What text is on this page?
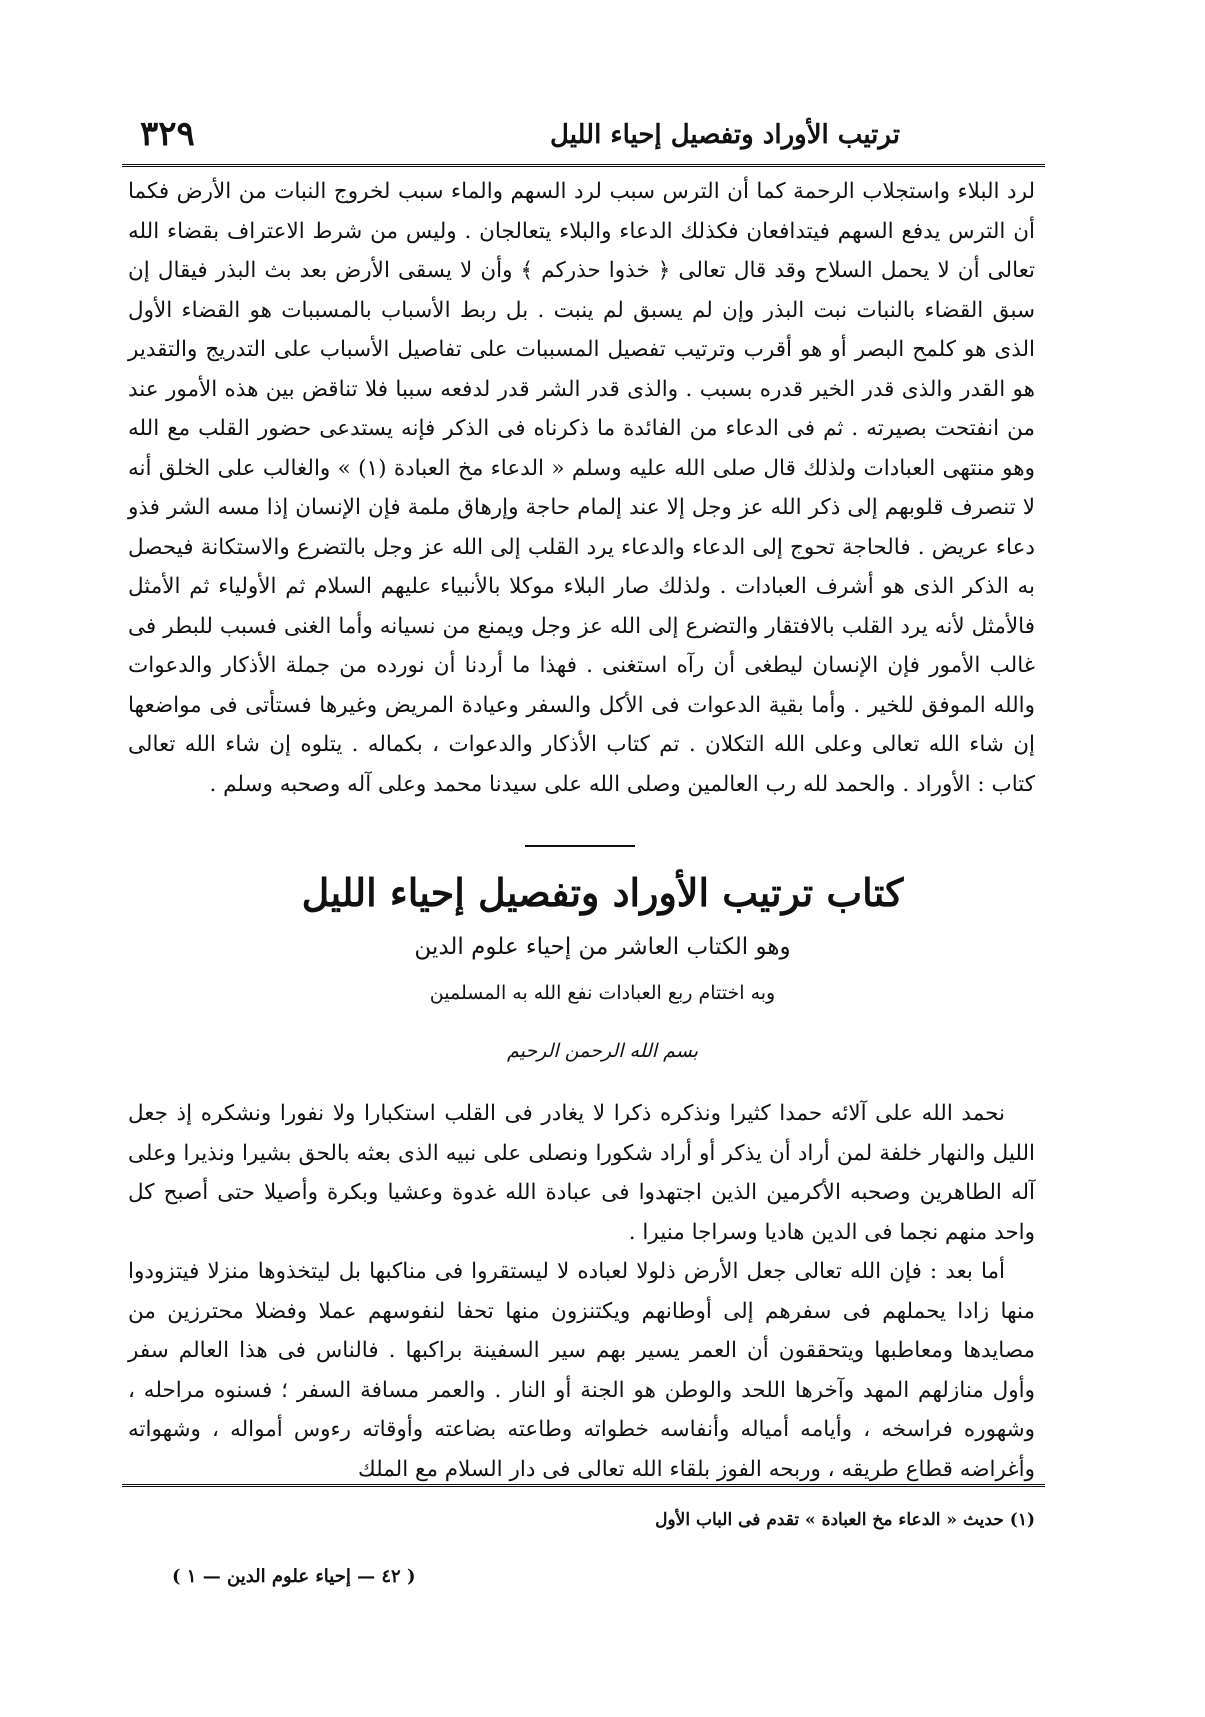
٣٢٩	ترتيب الأوراد وتفصيل إحياء الليل

لرد البلاء واستجلاب الرحمة كما أن الترس سبب لرد السهم والماء سبب لخروج النبات من الأرض فكما أن الترس يدفع السهم فيتدافعان فكذلك الدعاء والبلاء يتعالجان . وليس من شرط الاعتراف بقضاء الله تعالى أن لا يحمل السلاح وقد قال تعالى ﴿ خذوا حذركم ﴾ وأن لا يسقى الأرض بعد بث البذر فيقال إن سبق القضاء بالنبات نبت البذر وإن لم يسبق لم ينبت . بل ربط الأسباب بالمسببات هو القضاء الأول الذى هو كلمح البصر أو هو أقرب وترتيب تفصيل المسببات على تفاصيل الأسباب على التدريج والتقدير هو القدر والذى قدر الخير قدره بسبب . والذى قدر الشر قدر لدفعه سببا فلا تناقض بين هذه الأمور عند من انفتحت بصيرته . ثم فى الدعاء من الفائدة ما ذكرناه فى الذكر فإنه يستدعى حضور القلب مع الله وهو منتهى العبادات ولذلك قال صلى الله عليه وسلم « الدعاء مخ العبادة (١) » والغالب على الخلق أنه لا تنصرف قلوبهم إلى ذكر الله عز وجل إلا عند إلمام حاجة وإرهاق ملمة فإن الإنسان إذا مسه الشر فذو دعاء عريض . فالحاجة تحوج إلى الدعاء والدعاء يرد القلب إلى الله عز وجل بالتضرع والاستكانة فيحصل به الذكر الذى هو أشرف العبادات . ولذلك صار البلاء موكلا بالأنبياء عليهم السلام ثم الأولياء ثم الأمثل فالأمثل لأنه يرد القلب بالافتقار والتضرع إلى الله عز وجل ويمنع من نسيانه وأما الغنى فسبب للبطر فى غالب الأمور فإن الإنسان ليطغى أن رآه استغنى . فهذا ما أردنا أن نورده من جملة الأذكار والدعوات والله الموفق للخير . وأما بقية الدعوات فى الأكل والسفر وعيادة المريض وغيرها فستأتى فى مواضعها إن شاء الله تعالى وعلى الله التكلان . تم كتاب الأذكار والدعوات ، بكماله . يتلوه إن شاء الله تعالى كتاب : الأوراد . والحمد لله رب العالمين وصلى الله على سيدنا محمد وعلى آله وصحبه وسلم .

كتاب ترتيب الأوراد وتفصيل إحياء الليل
وهو الكتاب العاشر من إحياء علوم الدين
وبه اختتام ربع العبادات نفع الله به المسلمين
بسم الله الرحمن الرحيم

نحمد الله على آلائه حمدا كثيرا ونذكره ذكرا لا يغادر فى القلب استكبارا ولا نفورا ونشكره إذ جعل الليل والنهار خلفة لمن أراد أن يذكر أو أراد شكورا ونصلى على نبيه الذى بعثه بالحق بشيرا ونذيرا وعلى آله الطاهرين وصحبه الأكرمين الذين اجتهدوا فى عبادة الله غدوة وعشيا وبكرة وأصيلا حتى أصبح كل واحد منهم نجما فى الدين هاديا وسراجا منيرا .

أما بعد : فإن الله تعالى جعل الأرض ذلولا لعباده لا ليستقروا فى مناكبها بل ليتخذوها منزلا فيتزودوا منها زادا يحملهم فى سفرهم إلى أوطانهم ويكتنزون منها تحفا لنفوسهم عملا وفضلا محترزين من مصايدها ومعاطبها ويتحققون أن العمر يسير بهم سير السفينة براكبها . فالناس فى هذا العالم سفر وأول منازلهم المهد وآخرها اللحد والوطن هو الجنة أو النار . والعمر مسافة السفر ؛ فسنوه مراحله ، وشهوره فراسخه ، وأيامه أمياله وأنفاسه خطواته وطاعته بضاعته وأوقاته رءوس أمواله ، وشهواته وأغراضه قطاع طريقه ، وربحه الفوز بلقاء الله تعالى فى دار السلام مع الملك

(١) حديث « الدعاء مخ العبادة » تقدم فى الباب الأول
( ٤٢ — إحياء علوم الدين — ١ )
